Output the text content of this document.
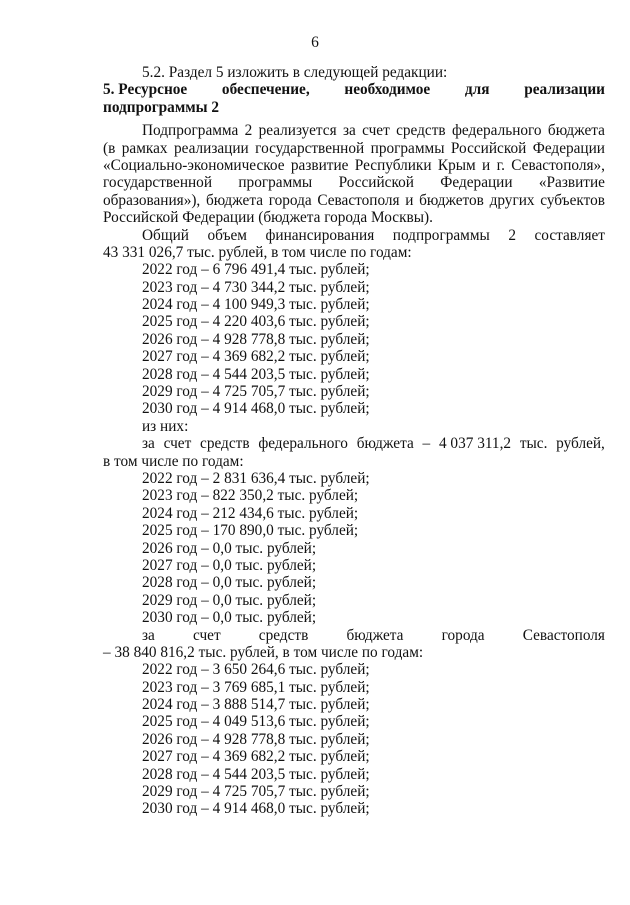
6
5.2. Раздел 5 изложить в следующей редакции:
5. Ресурсное обеспечение, необходимое для реализации
подпрограммы 2
Подпрограмма 2 реализуется за счет средств федерального бюджета
(в рамках реализации государственной программы Российской Федерации
«Социально-экономическое развитие Республики Крым и г. Севастополя»,
государственной программы Российской Федерации «Развитие
образования»), бюджета города Севастополя и бюджетов других субъектов
Российской Федерации (бюджета города Москвы).
Общий объем финансирования подпрограммы 2 составляет
43 331 026,7 тыс. рублей, в том числе по годам:
2022 год – 6 796 491,4 тыс. рублей;
2023 год – 4 730 344,2 тыс. рублей;
2024 год – 4 100 949,3 тыс. рублей;
2025 год – 4 220 403,6 тыс. рублей;
2026 год – 4 928 778,8 тыс. рублей;
2027 год – 4 369 682,2 тыс. рублей;
2028 год – 4 544 203,5 тыс. рублей;
2029 год – 4 725 705,7 тыс. рублей;
2030 год – 4 914 468,0 тыс. рублей;
из них:
за счет средств федерального бюджета – 4 037 311,2 тыс. рублей,
в том числе по годам:
2022 год – 2 831 636,4 тыс. рублей;
2023 год – 822 350,2 тыс. рублей;
2024 год – 212 434,6 тыс. рублей;
2025 год – 170 890,0 тыс. рублей;
2026 год – 0,0 тыс. рублей;
2027 год – 0,0 тыс. рублей;
2028 год – 0,0 тыс. рублей;
2029 год – 0,0 тыс. рублей;
2030 год – 0,0 тыс. рублей;
за счет средств бюджета города Севастополя
– 38 840 816,2 тыс. рублей, в том числе по годам:
2022 год – 3 650 264,6 тыс. рублей;
2023 год – 3 769 685,1 тыс. рублей;
2024 год – 3 888 514,7 тыс. рублей;
2025 год – 4 049 513,6 тыс. рублей;
2026 год – 4 928 778,8 тыс. рублей;
2027 год – 4 369 682,2 тыс. рублей;
2028 год – 4 544 203,5 тыс. рублей;
2029 год – 4 725 705,7 тыс. рублей;
2030 год – 4 914 468,0 тыс. рублей;
